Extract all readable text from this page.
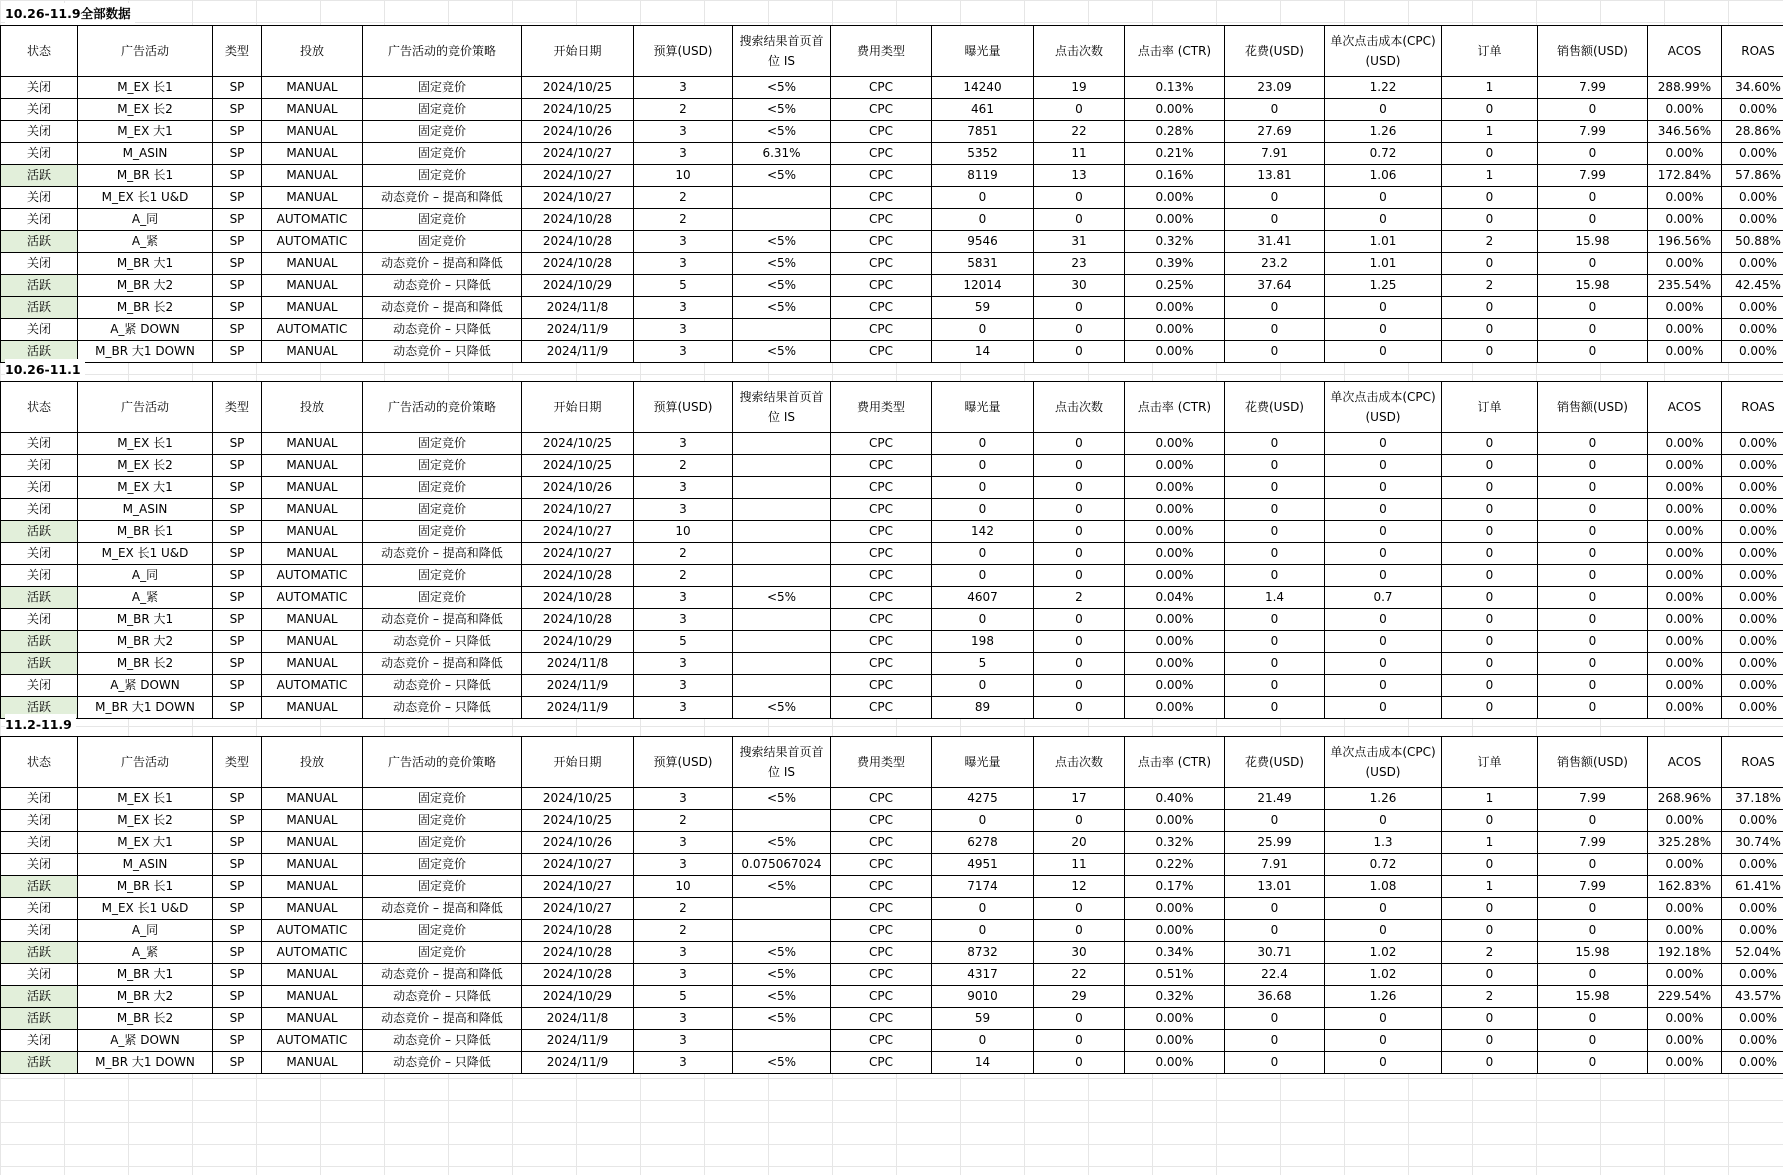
10.26-11.9全部数据
状态	广告活动	类型	投放	广告活动的竞价策略	开始日期	预算(USD)	搜索结果首页首位 IS	费用类型	曝光量	点击次数	点击率 (CTR)	花费(USD)	单次点击成本(CPC)(USD)	订单	销售额(USD)	ACOS	ROAS
关闭	M_EX 长1	SP	MANUAL	固定竞价	2024/10/25	3	<5%	CPC	14240	19	0.13%	23.09	1.22	1	7.99	288.99%	34.60%
关闭	M_EX 长2	SP	MANUAL	固定竞价	2024/10/25	2	<5%	CPC	461	0	0.00%	0	0	0	0	0.00%	0.00%
关闭	M_EX 大1	SP	MANUAL	固定竞价	2024/10/26	3	<5%	CPC	7851	22	0.28%	27.69	1.26	1	7.99	346.56%	28.86%
关闭	M_ASIN	SP	MANUAL	固定竞价	2024/10/27	3	6.31%	CPC	5352	11	0.21%	7.91	0.72	0	0	0.00%	0.00%
活跃	M_BR 长1	SP	MANUAL	固定竞价	2024/10/27	10	<5%	CPC	8119	13	0.16%	13.81	1.06	1	7.99	172.84%	57.86%
关闭	M_EX 长1 U&D	SP	MANUAL	动态竞价 – 提高和降低	2024/10/27	2		CPC	0	0	0.00%	0	0	0	0	0.00%	0.00%
关闭	A_同	SP	AUTOMATIC	固定竞价	2024/10/28	2		CPC	0	0	0.00%	0	0	0	0	0.00%	0.00%
活跃	A_紧	SP	AUTOMATIC	固定竞价	2024/10/28	3	<5%	CPC	9546	31	0.32%	31.41	1.01	2	15.98	196.56%	50.88%
关闭	M_BR 大1	SP	MANUAL	动态竞价 – 提高和降低	2024/10/28	3	<5%	CPC	5831	23	0.39%	23.2	1.01	0	0	0.00%	0.00%
活跃	M_BR 大2	SP	MANUAL	动态竞价 – 只降低	2024/10/29	5	<5%	CPC	12014	30	0.25%	37.64	1.25	2	15.98	235.54%	42.45%
活跃	M_BR 长2	SP	MANUAL	动态竞价 – 提高和降低	2024/11/8	3	<5%	CPC	59	0	0.00%	0	0	0	0	0.00%	0.00%
关闭	A_紧 DOWN	SP	AUTOMATIC	动态竞价 – 只降低	2024/11/9	3		CPC	0	0	0.00%	0	0	0	0	0.00%	0.00%
活跃	M_BR 大1 DOWN	SP	MANUAL	动态竞价 – 只降低	2024/11/9	3	<5%	CPC	14	0	0.00%	0	0	0	0	0.00%	0.00%
10.26-11.1
状态	广告活动	类型	投放	广告活动的竞价策略	开始日期	预算(USD)	搜索结果首页首位 IS	费用类型	曝光量	点击次数	点击率 (CTR)	花费(USD)	单次点击成本(CPC)(USD)	订单	销售额(USD)	ACOS	ROAS
关闭	M_EX 长1	SP	MANUAL	固定竞价	2024/10/25	3		CPC	0	0	0.00%	0	0	0	0	0.00%	0.00%
关闭	M_EX 长2	SP	MANUAL	固定竞价	2024/10/25	2		CPC	0	0	0.00%	0	0	0	0	0.00%	0.00%
关闭	M_EX 大1	SP	MANUAL	固定竞价	2024/10/26	3		CPC	0	0	0.00%	0	0	0	0	0.00%	0.00%
关闭	M_ASIN	SP	MANUAL	固定竞价	2024/10/27	3		CPC	0	0	0.00%	0	0	0	0	0.00%	0.00%
活跃	M_BR 长1	SP	MANUAL	固定竞价	2024/10/27	10		CPC	142	0	0.00%	0	0	0	0	0.00%	0.00%
关闭	M_EX 长1 U&D	SP	MANUAL	动态竞价 – 提高和降低	2024/10/27	2		CPC	0	0	0.00%	0	0	0	0	0.00%	0.00%
关闭	A_同	SP	AUTOMATIC	固定竞价	2024/10/28	2		CPC	0	0	0.00%	0	0	0	0	0.00%	0.00%
活跃	A_紧	SP	AUTOMATIC	固定竞价	2024/10/28	3	<5%	CPC	4607	2	0.04%	1.4	0.7	0	0	0.00%	0.00%
关闭	M_BR 大1	SP	MANUAL	动态竞价 – 提高和降低	2024/10/28	3		CPC	0	0	0.00%	0	0	0	0	0.00%	0.00%
活跃	M_BR 大2	SP	MANUAL	动态竞价 – 只降低	2024/10/29	5		CPC	198	0	0.00%	0	0	0	0	0.00%	0.00%
活跃	M_BR 长2	SP	MANUAL	动态竞价 – 提高和降低	2024/11/8	3		CPC	5	0	0.00%	0	0	0	0	0.00%	0.00%
关闭	A_紧 DOWN	SP	AUTOMATIC	动态竞价 – 只降低	2024/11/9	3		CPC	0	0	0.00%	0	0	0	0	0.00%	0.00%
活跃	M_BR 大1 DOWN	SP	MANUAL	动态竞价 – 只降低	2024/11/9	3	<5%	CPC	89	0	0.00%	0	0	0	0	0.00%	0.00%
11.2-11.9
状态	广告活动	类型	投放	广告活动的竞价策略	开始日期	预算(USD)	搜索结果首页首位 IS	费用类型	曝光量	点击次数	点击率 (CTR)	花费(USD)	单次点击成本(CPC)(USD)	订单	销售额(USD)	ACOS	ROAS
关闭	M_EX 长1	SP	MANUAL	固定竞价	2024/10/25	3	<5%	CPC	4275	17	0.40%	21.49	1.26	1	7.99	268.96%	37.18%
关闭	M_EX 长2	SP	MANUAL	固定竞价	2024/10/25	2		CPC	0	0	0.00%	0	0	0	0	0.00%	0.00%
关闭	M_EX 大1	SP	MANUAL	固定竞价	2024/10/26	3	<5%	CPC	6278	20	0.32%	25.99	1.3	1	7.99	325.28%	30.74%
关闭	M_ASIN	SP	MANUAL	固定竞价	2024/10/27	3	0.075067024	CPC	4951	11	0.22%	7.91	0.72	0	0	0.00%	0.00%
活跃	M_BR 长1	SP	MANUAL	固定竞价	2024/10/27	10	<5%	CPC	7174	12	0.17%	13.01	1.08	1	7.99	162.83%	61.41%
关闭	M_EX 长1 U&D	SP	MANUAL	动态竞价 – 提高和降低	2024/10/27	2		CPC	0	0	0.00%	0	0	0	0	0.00%	0.00%
关闭	A_同	SP	AUTOMATIC	固定竞价	2024/10/28	2		CPC	0	0	0.00%	0	0	0	0	0.00%	0.00%
活跃	A_紧	SP	AUTOMATIC	固定竞价	2024/10/28	3	<5%	CPC	8732	30	0.34%	30.71	1.02	2	15.98	192.18%	52.04%
关闭	M_BR 大1	SP	MANUAL	动态竞价 – 提高和降低	2024/10/28	3	<5%	CPC	4317	22	0.51%	22.4	1.02	0	0	0.00%	0.00%
活跃	M_BR 大2	SP	MANUAL	动态竞价 – 只降低	2024/10/29	5	<5%	CPC	9010	29	0.32%	36.68	1.26	2	15.98	229.54%	43.57%
活跃	M_BR 长2	SP	MANUAL	动态竞价 – 提高和降低	2024/11/8	3	<5%	CPC	59	0	0.00%	0	0	0	0	0.00%	0.00%
关闭	A_紧 DOWN	SP	AUTOMATIC	动态竞价 – 只降低	2024/11/9	3		CPC	0	0	0.00%	0	0	0	0	0.00%	0.00%
活跃	M_BR 大1 DOWN	SP	MANUAL	动态竞价 – 只降低	2024/11/9	3	<5%	CPC	14	0	0.00%	0	0	0	0	0.00%	0.00%
